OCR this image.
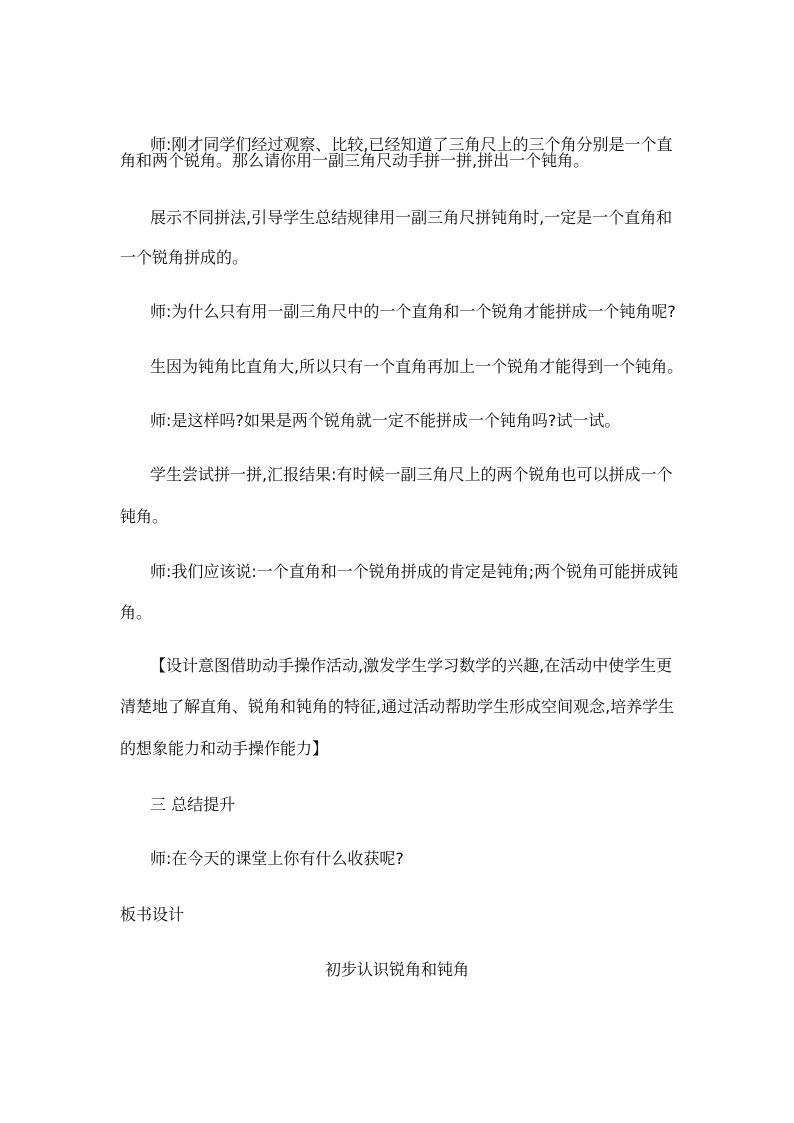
师:刚才同学们经过观察、比较,已经知道了三角尺上的三个角分别是一个直
角和两个锐角。那么请你用一副三角尺动手拼一拼,拼出一个钝角。
展示不同拼法,引导学生总结规律用一副三角尺拼钝角时,一定是一个直角和
一个锐角拼成的。
师:为什么只有用一副三角尺中的一个直角和一个锐角才能拼成一个钝角呢?
生因为钝角比直角大,所以只有一个直角再加上一个锐角才能得到一个钝角。
师:是这样吗?如果是两个锐角就一定不能拼成一个钝角吗?试一试。
学生尝试拼一拼,汇报结果:有时候一副三角尺上的两个锐角也可以拼成一个
钝角。
师:我们应该说:一个直角和一个锐角拼成的肯定是钝角;两个锐角可能拼成钝
角。
【设计意图借助动手操作活动,激发学生学习数学的兴趣,在活动中使学生更
清楚地了解直角、锐角和钝角的特征,通过活动帮助学生形成空间观念,培养学生
的想象能力和动手操作能力】
三 总结提升
师:在今天的课堂上你有什么收获呢?
板书设计
初步认识锐角和钝角
